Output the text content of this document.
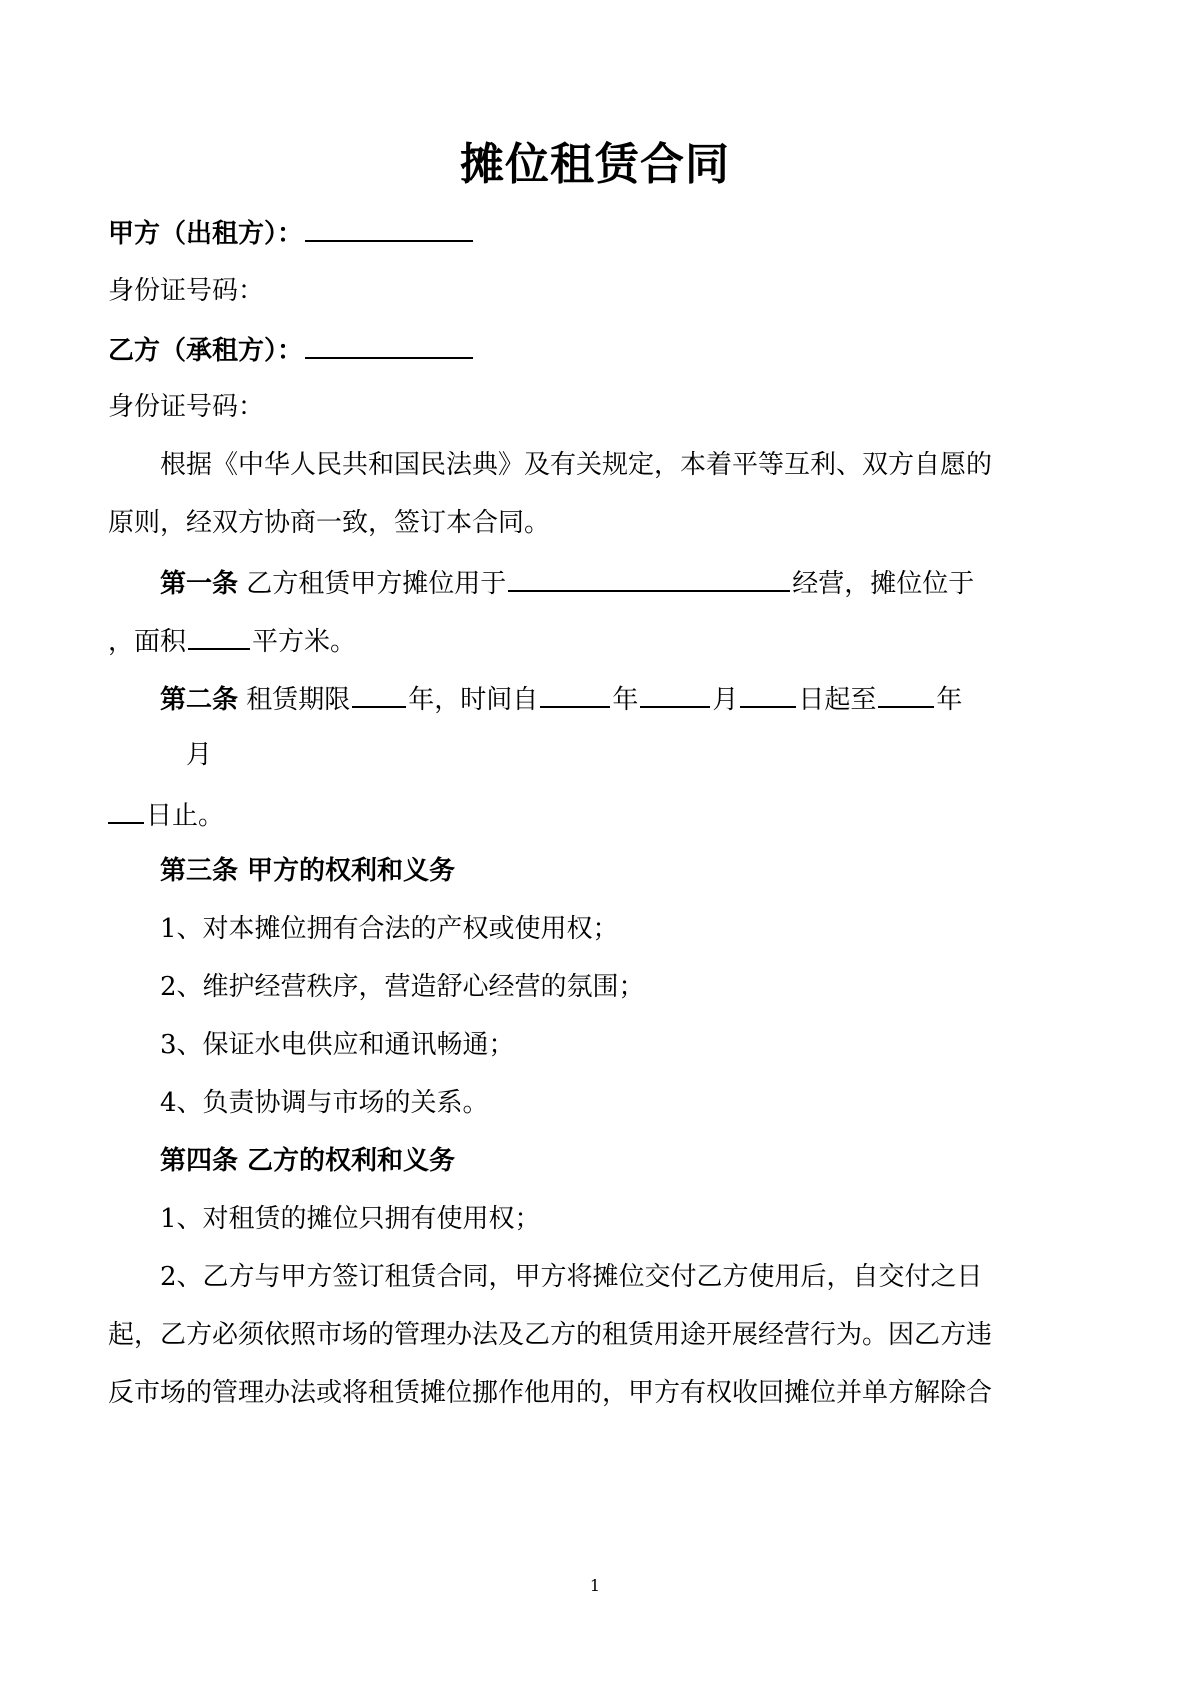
摊位租赁合同
甲方（出租方）：
身份证号码：
乙方（承租方）：
身份证号码：
根据《中华人民共和国民法典》及有关规定，本着平等互利、双方自愿的
原则，经双方协商一致，签订本合同。
第一条 乙方租赁甲方摊位用于	经营，摊位位于
，面积	平方米。
第二条 租赁期限 年，时间自	年	月 日起至 年
月
日止。
第三条 甲方的权利和义务
1、对本摊位拥有合法的产权或使用权；
2、维护经营秩序，营造舒心经营的氛围；
3、保证水电供应和通讯畅通；
4、负责协调与市场的关系。
第四条 乙方的权利和义务
1、对租赁的摊位只拥有使用权；
2、乙方与甲方签订租赁合同，甲方将摊位交付乙方使用后，自交付之日
起，乙方必须依照市场的管理办法及乙方的租赁用途开展经营行为。因乙方违
反市场的管理办法或将租赁摊位挪作他用的，甲方有权收回摊位并单方解除合
1
